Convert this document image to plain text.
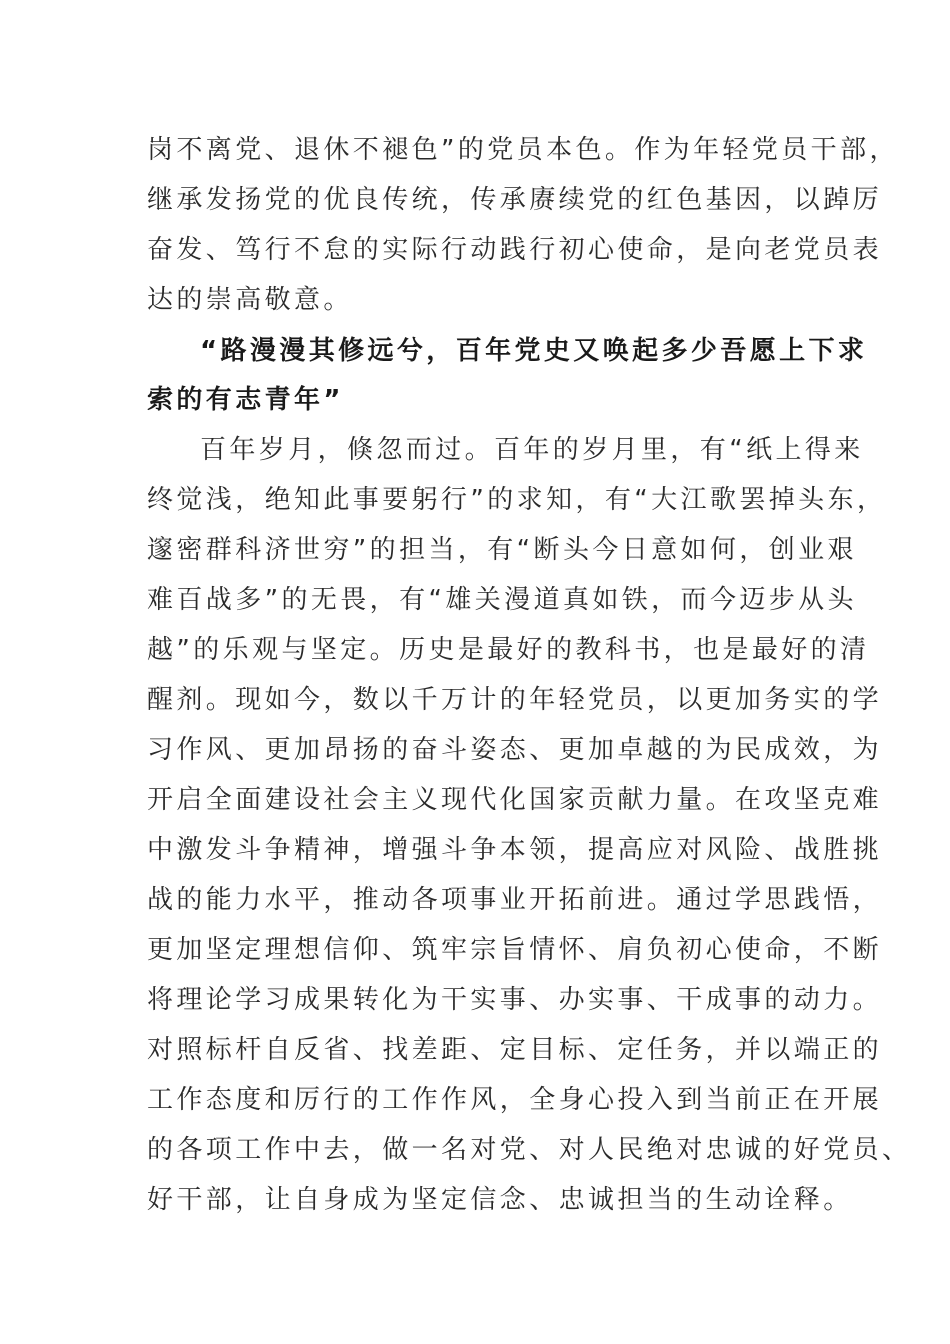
岗不离党、退休不褪色”的党员本色。作为年轻党员干部，
继承发扬党的优良传统，传承赓续党的红色基因，以踔厉
奋发、笃行不怠的实际行动践行初心使命，是向老党员表
达的崇高敬意。
“路漫漫其修远兮，百年党史又唤起多少吾愿上下求
索的有志青年”
百年岁月，倏忽而过。百年的岁月里，有“纸上得来
终觉浅，绝知此事要躬行”的求知，有“大江歌罢掉头东，
邃密群科济世穷”的担当，有“断头今日意如何，创业艰
难百战多”的无畏，有“雄关漫道真如铁，而今迈步从头
越”的乐观与坚定。历史是最好的教科书，也是最好的清
醒剂。现如今，数以千万计的年轻党员，以更加务实的学
习作风、更加昂扬的奋斗姿态、更加卓越的为民成效，为
开启全面建设社会主义现代化国家贡献力量。在攻坚克难
中激发斗争精神，增强斗争本领，提高应对风险、战胜挑
战的能力水平，推动各项事业开拓前进。通过学思践悟，
更加坚定理想信仰、筑牢宗旨情怀、肩负初心使命，不断
将理论学习成果转化为干实事、办实事、干成事的动力。
对照标杆自反省、找差距、定目标、定任务，并以端正的
工作态度和厉行的工作作风，全身心投入到当前正在开展
的各项工作中去，做一名对党、对人民绝对忠诚的好党员、
好干部，让自身成为坚定信念、忠诚担当的生动诠释。
